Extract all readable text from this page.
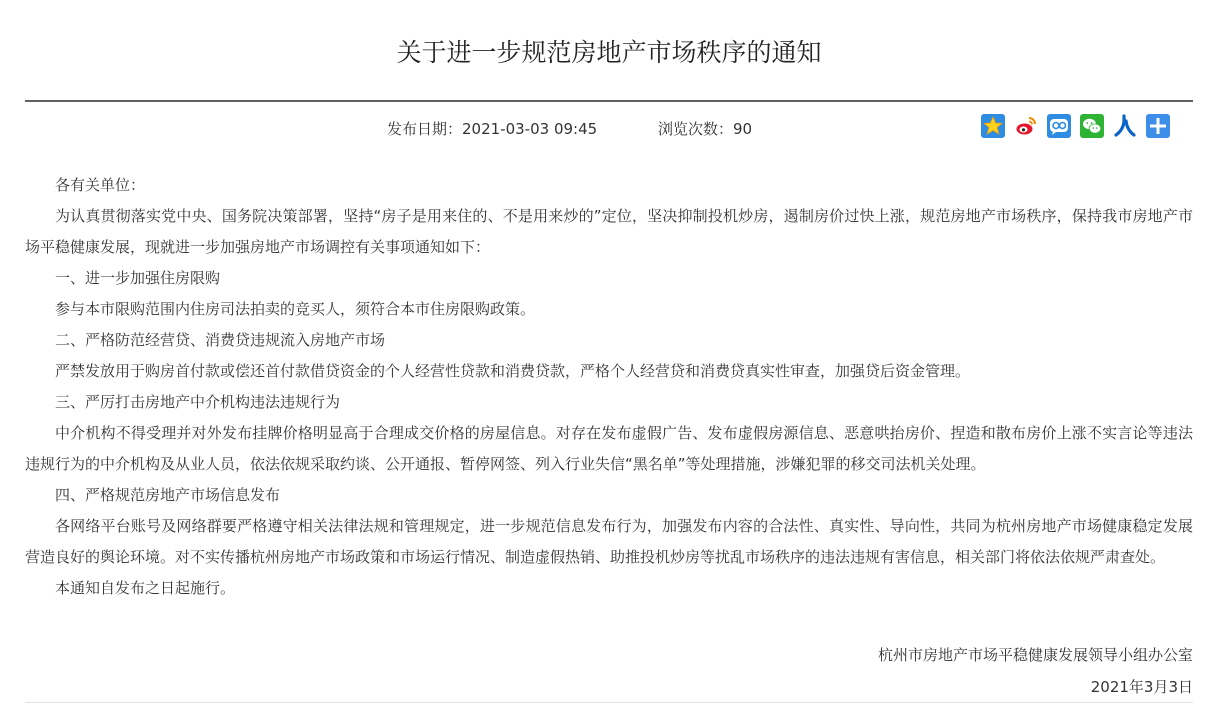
关于进一步规范房地产市场秩序的通知
发布日期：2021-03-03 09:45	浏览次数：90

各有关单位：

为认真贯彻落实党中央、国务院决策部署，坚持“房子是用来住的、不是用来炒的”定位，坚决抑制投机炒房，遏制房价过快上涨，规范房地产市场秩序，保持我市房地产市场平稳健康发展，现就进一步加强房地产市场调控有关事项通知如下：

一、进一步加强住房限购

参与本市限购范围内住房司法拍卖的竞买人，须符合本市住房限购政策。

二、严格防范经营贷、消费贷违规流入房地产市场

严禁发放用于购房首付款或偿还首付款借贷资金的个人经营性贷款和消费贷款，严格个人经营贷和消费贷真实性审查，加强贷后资金管理。

三、严厉打击房地产中介机构违法违规行为

中介机构不得受理并对外发布挂牌价格明显高于合理成交价格的房屋信息。对存在发布虚假广告、发布虚假房源信息、恶意哄抬房价、捏造和散布房价上涨不实言论等违法违规行为的中介机构及从业人员，依法依规采取约谈、公开通报、暂停网签、列入行业失信“黑名单”等处理措施，涉嫌犯罪的移交司法机关处理。

四、严格规范房地产市场信息发布

各网络平台账号及网络群要严格遵守相关法律法规和管理规定，进一步规范信息发布行为，加强发布内容的合法性、真实性、导向性，共同为杭州房地产市场健康稳定发展营造良好的舆论环境。对不实传播杭州房地产市场政策和市场运行情况、制造虚假热销、助推投机炒房等扰乱市场秩序的违法违规有害信息，相关部门将依法依规严肃查处。

本通知自发布之日起施行。

杭州市房地产市场平稳健康发展领导小组办公室
2021年3月3日
